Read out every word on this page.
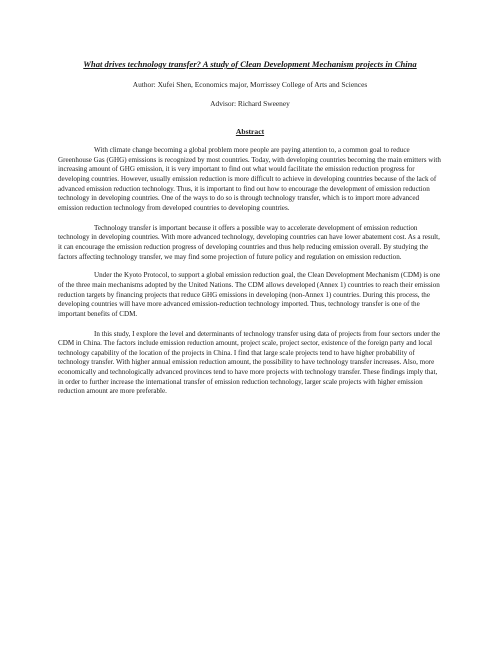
What drives technology transfer? A study of Clean Development Mechanism projects in China

Author: Xufei Shen, Economics major, Morrissey College of Arts and Sciences

Advisor: Richard Sweeney

Abstract

With climate change becoming a global problem more people are paying attention to, a common goal to reduce Greenhouse Gas (GHG) emissions is recognized by most countries. Today, with developing countries becoming the main emitters with increasing amount of GHG emission, it is very important to find out what would facilitate the emission reduction progress for developing countries. However, usually emission reduction is more difficult to achieve in developing countries because of the lack of advanced emission reduction technology. Thus, it is important to find out how to encourage the development of emission reduction technology in developing countries. One of the ways to do so is through technology transfer, which is to import more advanced emission reduction technology from developed countries to developing countries.

Technology transfer is important because it offers a possible way to accelerate development of emission reduction technology in developing countries. With more advanced technology, developing countries can have lower abatement cost. As a result, it can encourage the emission reduction progress of developing countries and thus help reducing emission overall. By studying the factors affecting technology transfer, we may find some projection of future policy and regulation on emission reduction.

Under the Kyoto Protocol, to support a global emission reduction goal, the Clean Development Mechanism (CDM) is one of the three main mechanisms adopted by the United Nations. The CDM allows developed (Annex 1) countries to reach their emission reduction targets by financing projects that reduce GHG emissions in developing (non-Annex 1) countries. During this process, the developing countries will have more advanced emission-reduction technology imported. Thus, technology transfer is one of the important benefits of CDM.

In this study, I explore the level and determinants of technology transfer using data of projects from four sectors under the CDM in China. The factors include emission reduction amount, project scale, project sector, existence of the foreign party and local technology capability of the location of the projects in China. I find that large scale projects tend to have higher probability of technology transfer. With higher annual emission reduction amount, the possibility to have technology transfer increases. Also, more economically and technologically advanced provinces tend to have more projects with technology transfer. These findings imply that, in order to further increase the international transfer of emission reduction technology, larger scale projects with higher emission reduction amount are more preferable.
